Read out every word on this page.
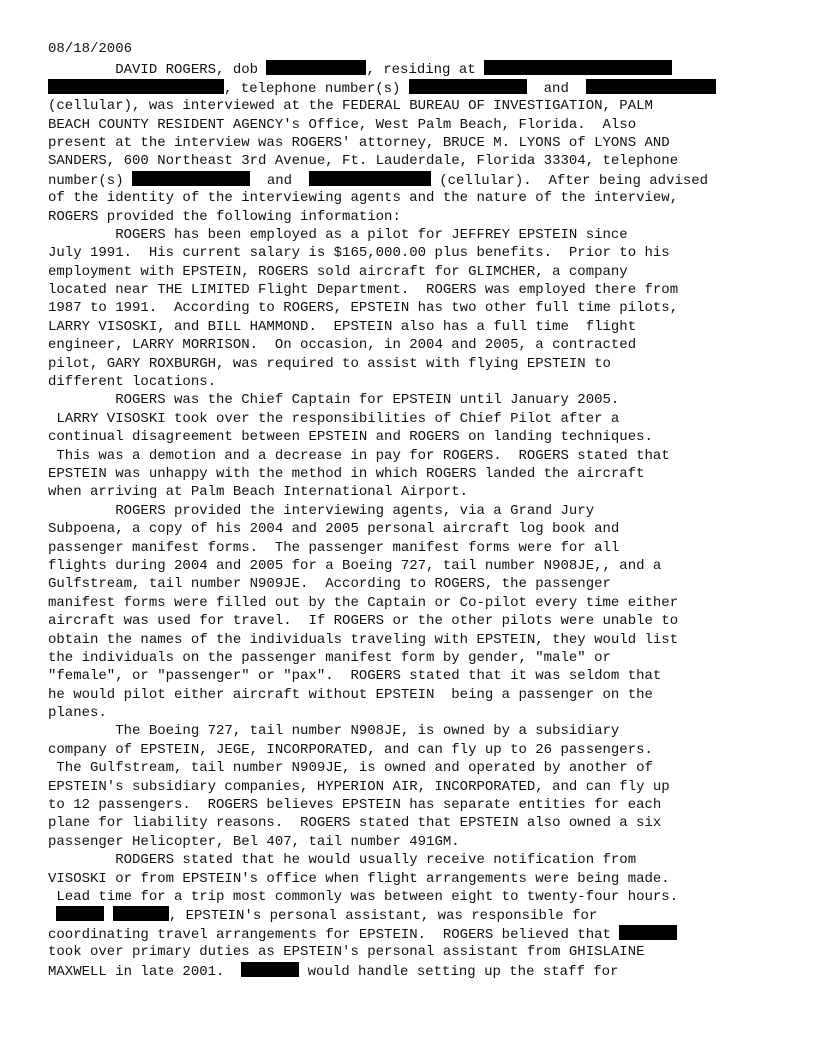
08/18/2006
DAVID ROGERS, dob	, residing at
, telephone number(s)	and
(cellular), was interviewed at the FEDERAL BUREAU OF INVESTIGATION, PALM
BEACH COUNTY RESIDENT AGENCY's Office, West Palm Beach, Florida.  Also
present at the interview was ROGERS' attorney, BRUCE M. LYONS of LYONS AND
SANDERS, 600 Northeast 3rd Avenue, Ft. Lauderdale, Florida 33304, telephone
number(s)	and	(cellular).  After being advised
of the identity of the interviewing agents and the nature of the interview,
ROGERS provided the following information:
ROGERS has been employed as a pilot for JEFFREY EPSTEIN since
July 1991.  His current salary is $165,000.00 plus benefits.  Prior to his
employment with EPSTEIN, ROGERS sold aircraft for GLIMCHER, a company
located near THE LIMITED Flight Department.  ROGERS was employed there from
1987 to 1991.  According to ROGERS, EPSTEIN has two other full time pilots,
LARRY VISOSKI, and BILL HAMMOND.  EPSTEIN also has a full time  flight
engineer, LARRY MORRISON.  On occasion, in 2004 and 2005, a contracted
pilot, GARY ROXBURGH, was required to assist with flying EPSTEIN to
different locations.
ROGERS was the Chief Captain for EPSTEIN until January 2005.
LARRY VISOSKI took over the responsibilities of Chief Pilot after a
continual disagreement between EPSTEIN and ROGERS on landing techniques.
This was a demotion and a decrease in pay for ROGERS.  ROGERS stated that
EPSTEIN was unhappy with the method in which ROGERS landed the aircraft
when arriving at Palm Beach International Airport.
ROGERS provided the interviewing agents, via a Grand Jury
Subpoena, a copy of his 2004 and 2005 personal aircraft log book and
passenger manifest forms.  The passenger manifest forms were for all
flights during 2004 and 2005 for a Boeing 727, tail number N908JE,, and a
Gulfstream, tail number N909JE.  According to ROGERS, the passenger
manifest forms were filled out by the Captain or Co-pilot every time either
aircraft was used for travel.  If ROGERS or the other pilots were unable to
obtain the names of the individuals traveling with EPSTEIN, they would list
the individuals on the passenger manifest form by gender, "male" or
"female", or "passenger" or "pax".  ROGERS stated that it was seldom that
he would pilot either aircraft without EPSTEIN  being a passenger on the
planes.
The Boeing 727, tail number N908JE, is owned by a subsidiary
company of EPSTEIN, JEGE, INCORPORATED, and can fly up to 26 passengers.
The Gulfstream, tail number N909JE, is owned and operated by another of
EPSTEIN's subsidiary companies, HYPERION AIR, INCORPORATED, and can fly up
to 12 passengers.  ROGERS believes EPSTEIN has separate entities for each
plane for liability reasons.  ROGERS stated that EPSTEIN also owned a six
passenger Helicopter, Bel 407, tail number 491GM.
RODGERS stated that he would usually receive notification from
VISOSKI or from EPSTEIN's office when flight arrangements were being made.
Lead time for a trip most commonly was between eight to twenty-four hours.
, EPSTEIN's personal assistant, was responsible for
coordinating travel arrangements for EPSTEIN.  ROGERS believed that
took over primary duties as EPSTEIN's personal assistant from GHISLAINE
MAXWELL in late 2001.	would handle setting up the staff for
